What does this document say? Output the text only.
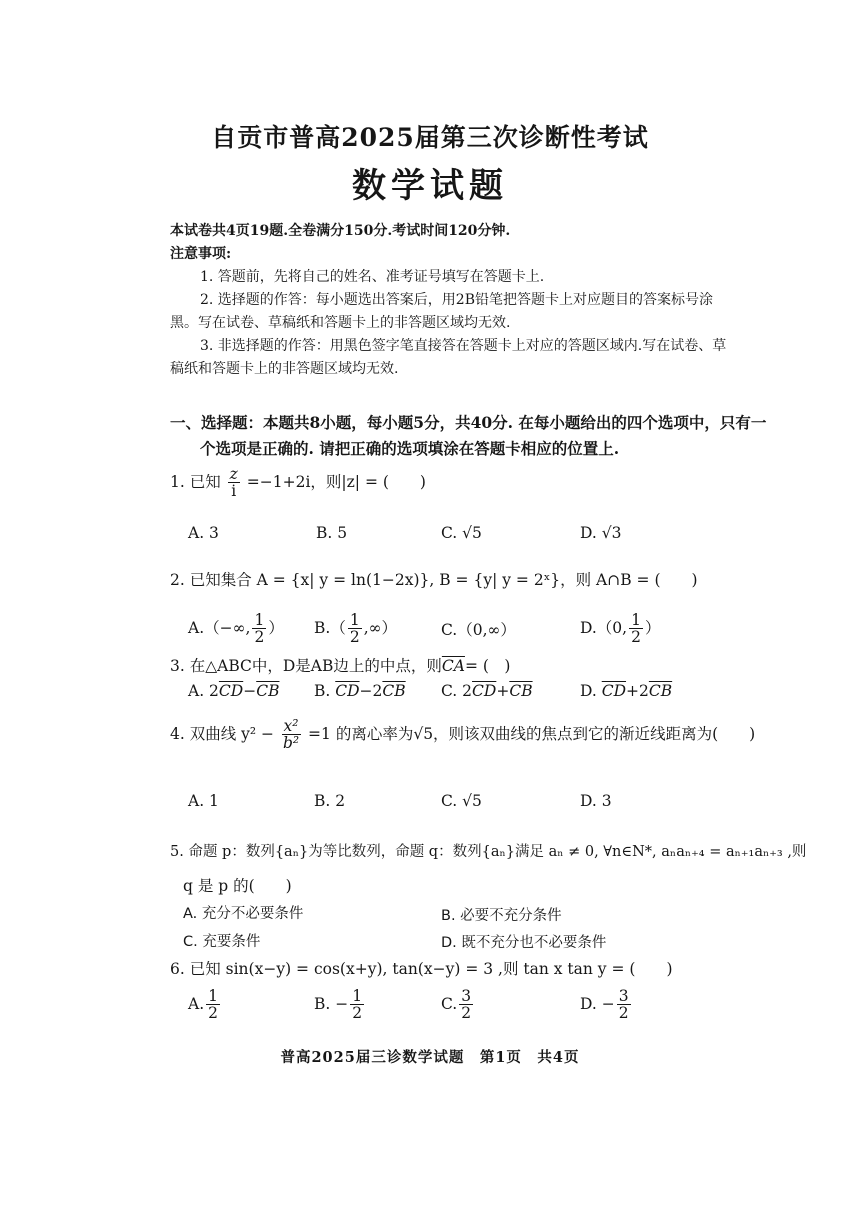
自贡市普高2025届第三次诊断性考试
数学试题
本试卷共4页19题.全卷满分150分.考试时间120分钟.
注意事项:
1. 答题前，先将自己的姓名、准考证号填写在答题卡上.
2. 选择题的作答：每小题选出答案后，用2B铅笔把答题卡上对应题目的答案标号涂
黑。写在试卷、草稿纸和答题卡上的非答题区域均无效.
3. 非选择题的作答：用黑色签字笔直接答在答题卡上对应的答题区域内.写在试卷、草
稿纸和答题卡上的非答题区域均无效.
一、选择题：本题共8小题，每小题5分，共40分. 在每小题给出的四个选项中，只有一
个选项是正确的. 请把正确的选项填涂在答题卡相应的位置上.
1. 已知 $\frac{z}{i} =-1+2i$，则|z| = (　　)
A. 3	B. 5	C. √5	D. √3
2. 已知集合 A = {x| y = ln(1−2x)}, B = {y| y = 2ˣ}，则 A∩B = (　　)
A.（−∞, $\frac{1}{2}$ ） $B.( \frac{1}{2}$ ,∞）	C.（0,∞）	D.（0, $\frac{1}{2}$ ）
3. 在△ABC中，D是AB边上的中点，则$\overline{CA}=$ (　)
A. $2\overline{CD}-\overline{CB}$ B. $\overline{CD}-2\overline{CB}$ C. $2\overline{CD}+\overline{CB}$	D. $\overline{CD}+2\overline{CB}$
4. 双曲线 $y^2 - \frac{\text{x²}}{\text{b²}} =1$ 的离心率为√5，则该双曲线的焦点到它的渐近线距离为(　　)
A. 1	B. 2	C. √5	D. 3
5. 命题 p：数列{aₙ}为等比数列，命题 q：数列{aₙ}满足 aₙ ≠ 0, ∀n∈N*, aₙaₙ₊₄ = aₙ₊₁aₙ₊₃ ,则
q 是 p 的(　　)
A. 充分不必要条件	B. 必要不充分条件
C. 充要条件	D. 既不充分也不必要条件
6. 已知 sin(x−y) = cos(x+y), tan(x−y) = 3 ,则 tan x tan y = (　　)
A. $\frac{1}{2}$	B. − $\frac{1}{2}$	C. $\frac{3}{2}$	D. − $\frac{3}{2}$
普高2025届三诊数学试题　第1页　共4页
